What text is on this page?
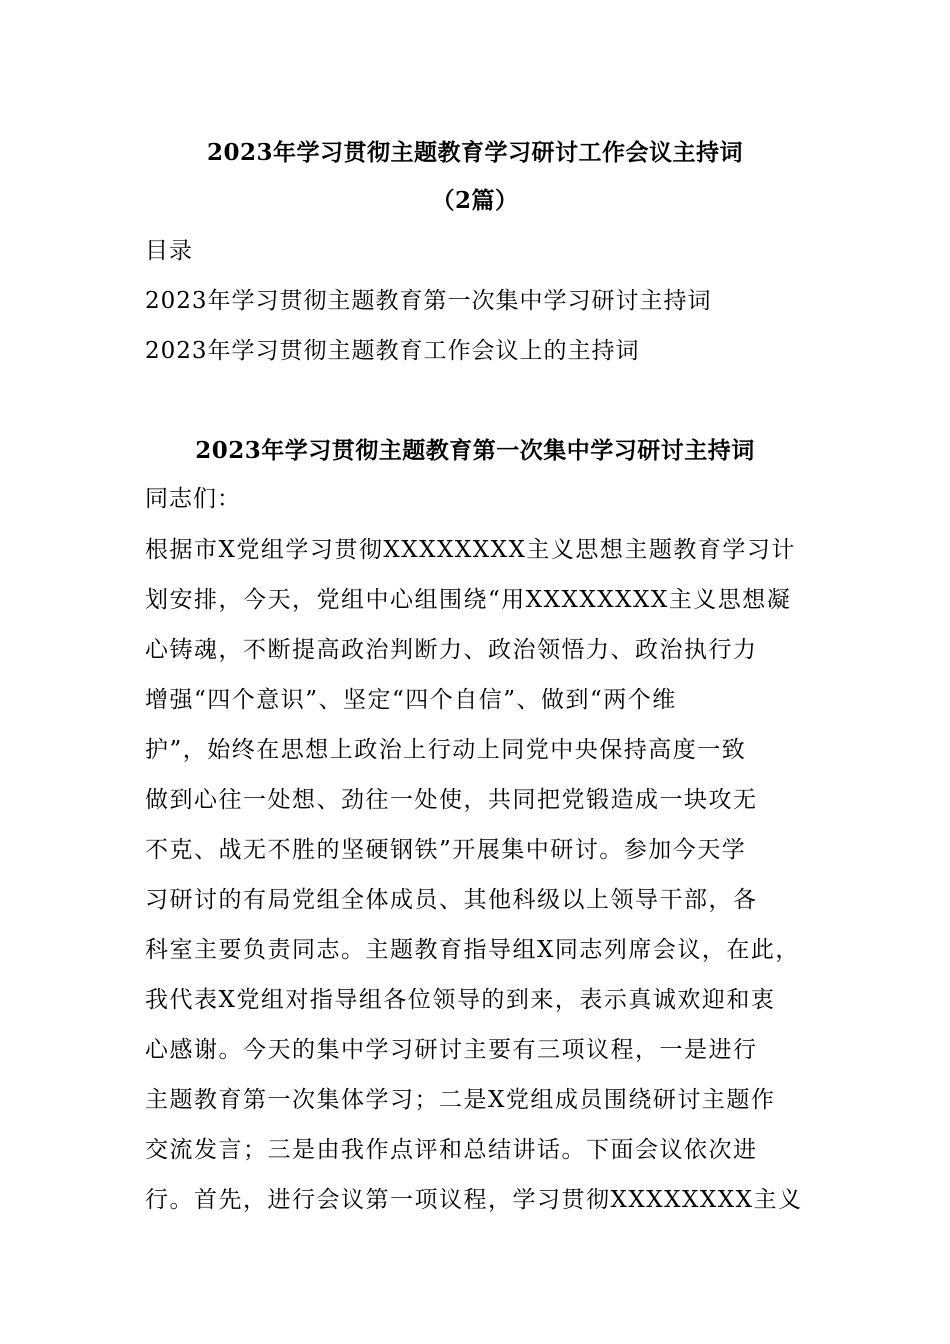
2023年学习贯彻主题教育学习研讨工作会议主持词
（2篇）
目录
2023年学习贯彻主题教育第一次集中学习研讨主持词
2023年学习贯彻主题教育工作会议上的主持词
2023年学习贯彻主题教育第一次集中学习研讨主持词
同志们：
根据市X党组学习贯彻XXXXXXXX主义思想主题教育学习计
划安排，今天，党组中心组围绕“用XXXXXXXX主义思想凝
心铸魂，不断提高政治判断力、政治领悟力、政治执行力
增强“四个意识”、坚定“四个自信”、做到“两个维
护”，始终在思想上政治上行动上同党中央保持高度一致
做到心往一处想、劲往一处使，共同把党锻造成一块攻无
不克、战无不胜的坚硬钢铁”开展集中研讨。参加今天学
习研讨的有局党组全体成员、其他科级以上领导干部，各
科室主要负责同志。主题教育指导组X同志列席会议，在此，
我代表X党组对指导组各位领导的到来，表示真诚欢迎和衷
心感谢。今天的集中学习研讨主要有三项议程，一是进行
主题教育第一次集体学习；二是X党组成员围绕研讨主题作
交流发言；三是由我作点评和总结讲话。下面会议依次进
行。首先，进行会议第一项议程，学习贯彻XXXXXXXX主义
